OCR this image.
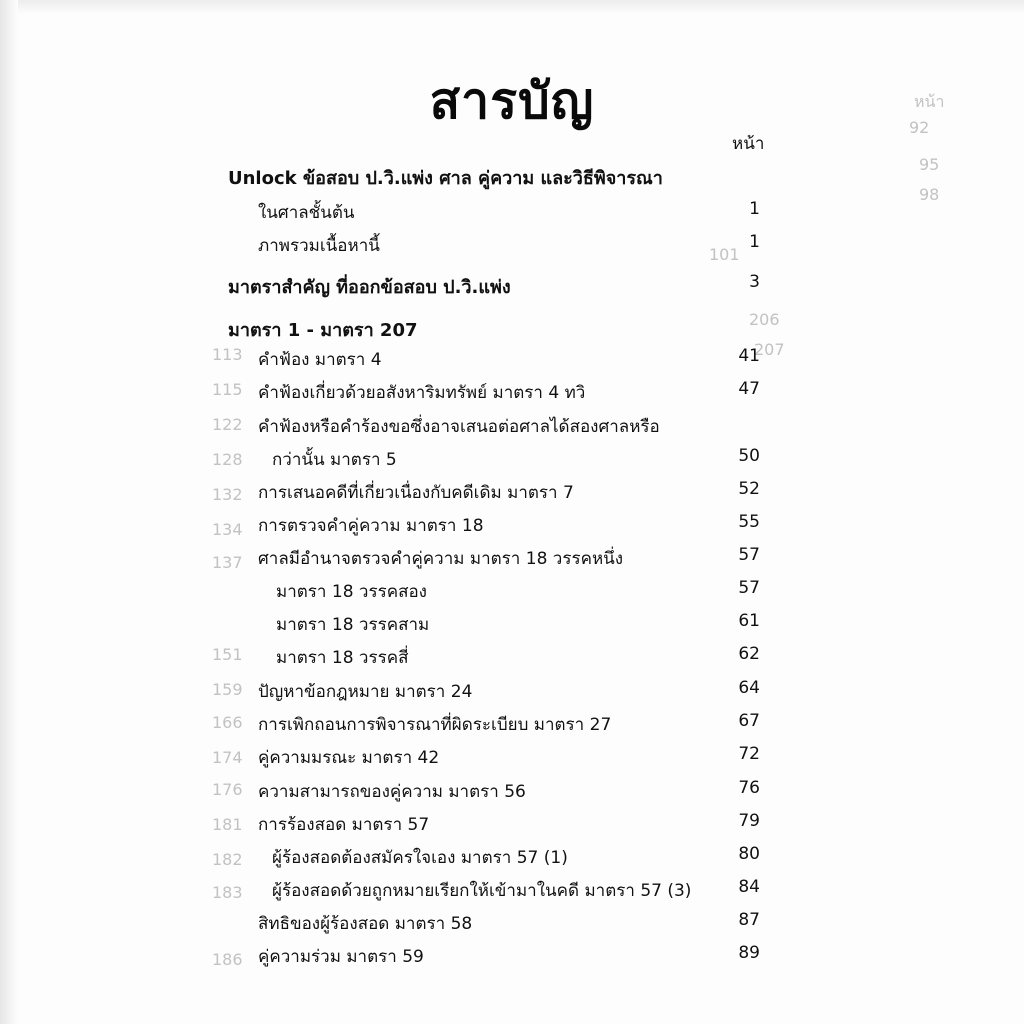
113
115
122
128
132
134
137
151
159
166
174
176
181
182
183
186
หน้า
92
95
98
101
206
207
สารบัญ
หน้า
Unlock ข้อสอบ ป.วิ.แพ่ง ศาล คู่ความ และวิธีพิจารณา
ในศาลชั้นต้น	1
ภาพรวมเนื้อหานี้	1
มาตราสำคัญ ที่ออกข้อสอบ ป.วิ.แพ่ง	3
มาตรา 1 - มาตรา 207
คำฟ้อง มาตรา 4	41
คำฟ้องเกี่ยวด้วยอสังหาริมทรัพย์ มาตรา 4 ทวิ	47
คำฟ้องหรือคำร้องขอซึ่งอาจเสนอต่อศาลได้สองศาลหรือ
กว่านั้น มาตรา 5	50
การเสนอคดีที่เกี่ยวเนื่องกับคดีเดิม มาตรา 7	52
การตรวจคำคู่ความ มาตรา 18	55
ศาลมีอำนาจตรวจคำคู่ความ มาตรา 18 วรรคหนึ่ง	57
มาตรา 18 วรรคสอง	57
มาตรา 18 วรรคสาม	61
มาตรา 18 วรรคสี่	62
ปัญหาข้อกฎหมาย มาตรา 24	64
การเพิกถอนการพิจารณาที่ผิดระเบียบ มาตรา 27	67
คู่ความมรณะ มาตรา 42	72
ความสามารถของคู่ความ มาตรา 56	76
การร้องสอด มาตรา 57	79
ผู้ร้องสอดต้องสมัครใจเอง มาตรา 57 (1)	80
ผู้ร้องสอดด้วยถูกหมายเรียกให้เข้ามาในคดี มาตรา 57 (3)	84
สิทธิของผู้ร้องสอด มาตรา 58	87
คู่ความร่วม มาตรา 59	89
